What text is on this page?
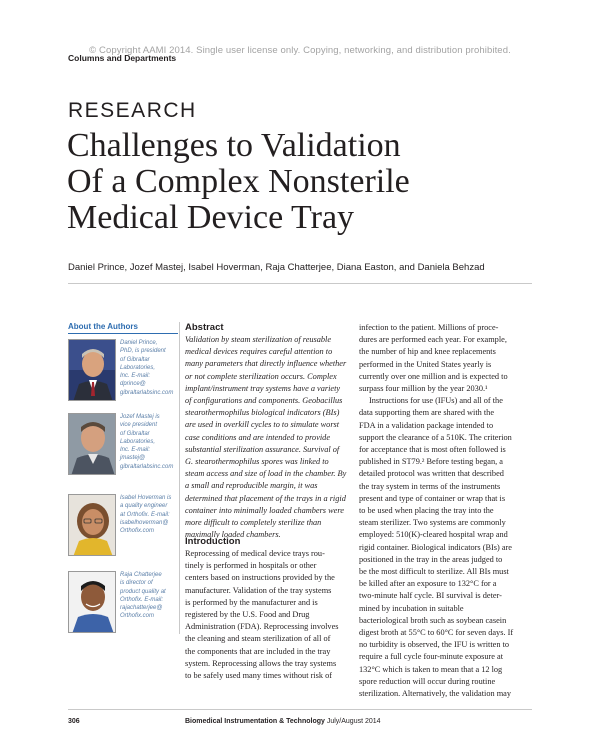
© Copyright AAMI 2014. Single user license only. Copying, networking, and distribution prohibited.
Columns and Departments
RESEARCH
Challenges to Validation
Of a Complex Nonsterile
Medical Device Tray
Daniel Prince, Jozef Mastej, Isabel Hoverman, Raja Chatterjee, Diana Easton, and Daniela Behzad
About the Authors
Daniel Prince,
PhD, is president
of Gibraltar
Laboratories,
Inc. E-mail:
dprince@
gibraltarlabsinc.com
Jozef Mastej is
vice president
of Gibraltar
Laboratories,
Inc. E-mail:
jmastej@
gibraltarlabsinc.com
Isabel Hoverman is
a quality engineer
at Orthofix. E-mail:
isabelhoverman@
Orthofix.com
Raja Chatterjee
is director of
product quality at
Orthofix. E-mail:
rajachatterjee@
Orthofix.com
Abstract
Validation by steam sterilization of reusable
medical devices requires careful attention to
many parameters that directly influence whether
or not complete sterilization occurs. Complex
implant/instrument tray systems have a variety
of configurations and components. Geobacillus
stearothermophilus biological indicators (BIs)
are used in overkill cycles to to simulate worst
case conditions and are intended to provide
substantial sterilization assurance. Survival of
G. stearothermophilus spores was linked to
steam access and size of load in the chamber. By
a small and reproducible margin, it was
determined that placement of the trays in a rigid
container into minimally loaded chambers were
more difficult to completely sterilize than
maximally loaded chambers.
Introduction
Reprocessing of medical device trays rou-
tinely is performed in hospitals or other
centers based on instructions provided by the
manufacturer. Validation of the tray systems
is performed by the manufacturer and is
registered by the U.S. Food and Drug
Administration (FDA). Reprocessing involves
the cleaning and steam sterilization of all of
the components that are included in the tray
system. Reprocessing allows the tray systems
to be safely used many times without risk of
infection to the patient. Millions of proce-
dures are performed each year. For example,
the number of hip and knee replacements
performed in the United States yearly is
currently over one million and is expected to
surpass four million by the year 2030.¹
Instructions for use (IFUs) and all of the
data supporting them are shared with the
FDA in a validation package intended to
support the clearance of a 510K. The criterion
for acceptance that is most often followed is
published in ST79.² Before testing began, a
detailed protocol was written that described
the tray system in terms of the instruments
present and type of container or wrap that is
to be used when placing the tray into the
steam sterilizer. Two systems are commonly
employed: 510(K)-cleared hospital wrap and
rigid container. Biological indicators (BIs) are
positioned in the tray in the areas judged to
be the most difficult to sterilize. All BIs must
be killed after an exposure to 132°C for a
two-minute half cycle. BI survival is deter-
mined by incubation in suitable
bacteriological broth such as soybean casein
digest broth at 55°C to 60°C for seven days. If
no turbidity is observed, the IFU is written to
require a full cycle four-minute exposure at
132°C which is taken to mean that a 12 log
spore reduction will occur during routine
sterilization. Alternatively, the validation may
306	Biomedical Instrumentation & Technology July/August 2014
